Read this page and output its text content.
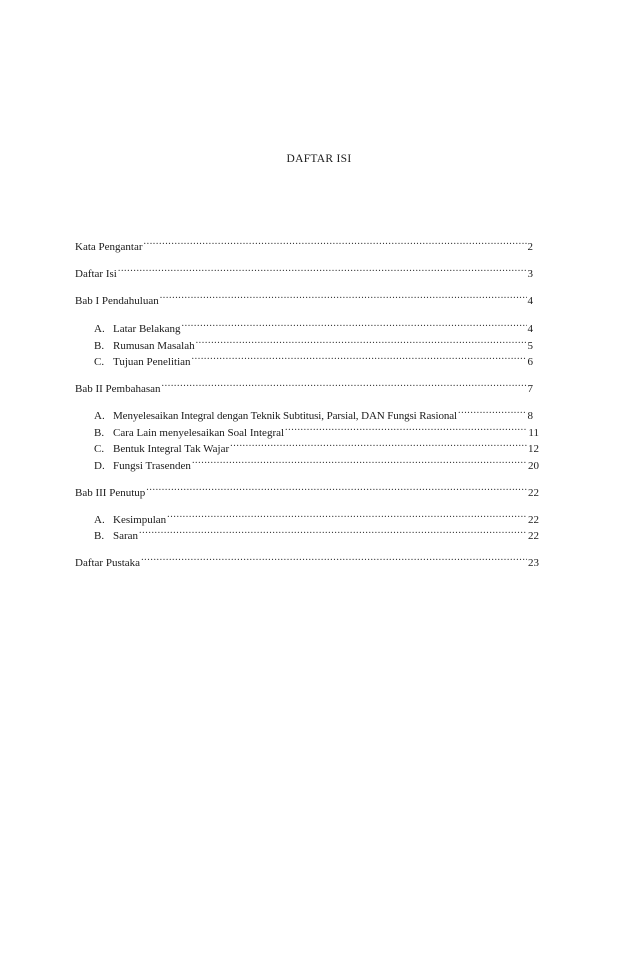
DAFTAR ISI
Kata Pengantar .....	2
Daftar Isi .....	3
Bab I Pendahuluan .....	4
A. Latar Belakang .....	4
B. Rumusan Masalah .....	5
C. Tujuan Penelitian .....	6
Bab II Pembahasan .....	7
A. Menyelesaikan Integral dengan Teknik Subtitusi, Parsial, DAN Fungsi Rasional .....	8
B. Cara Lain menyelesaikan Soal Integral .....	11
C. Bentuk Integral Tak Wajar .....	12
D. Fungsi Trasenden .....	20
Bab III Penutup .....	22
A. Kesimpulan .....	22
B. Saran .....	22
Daftar Pustaka .....	23
